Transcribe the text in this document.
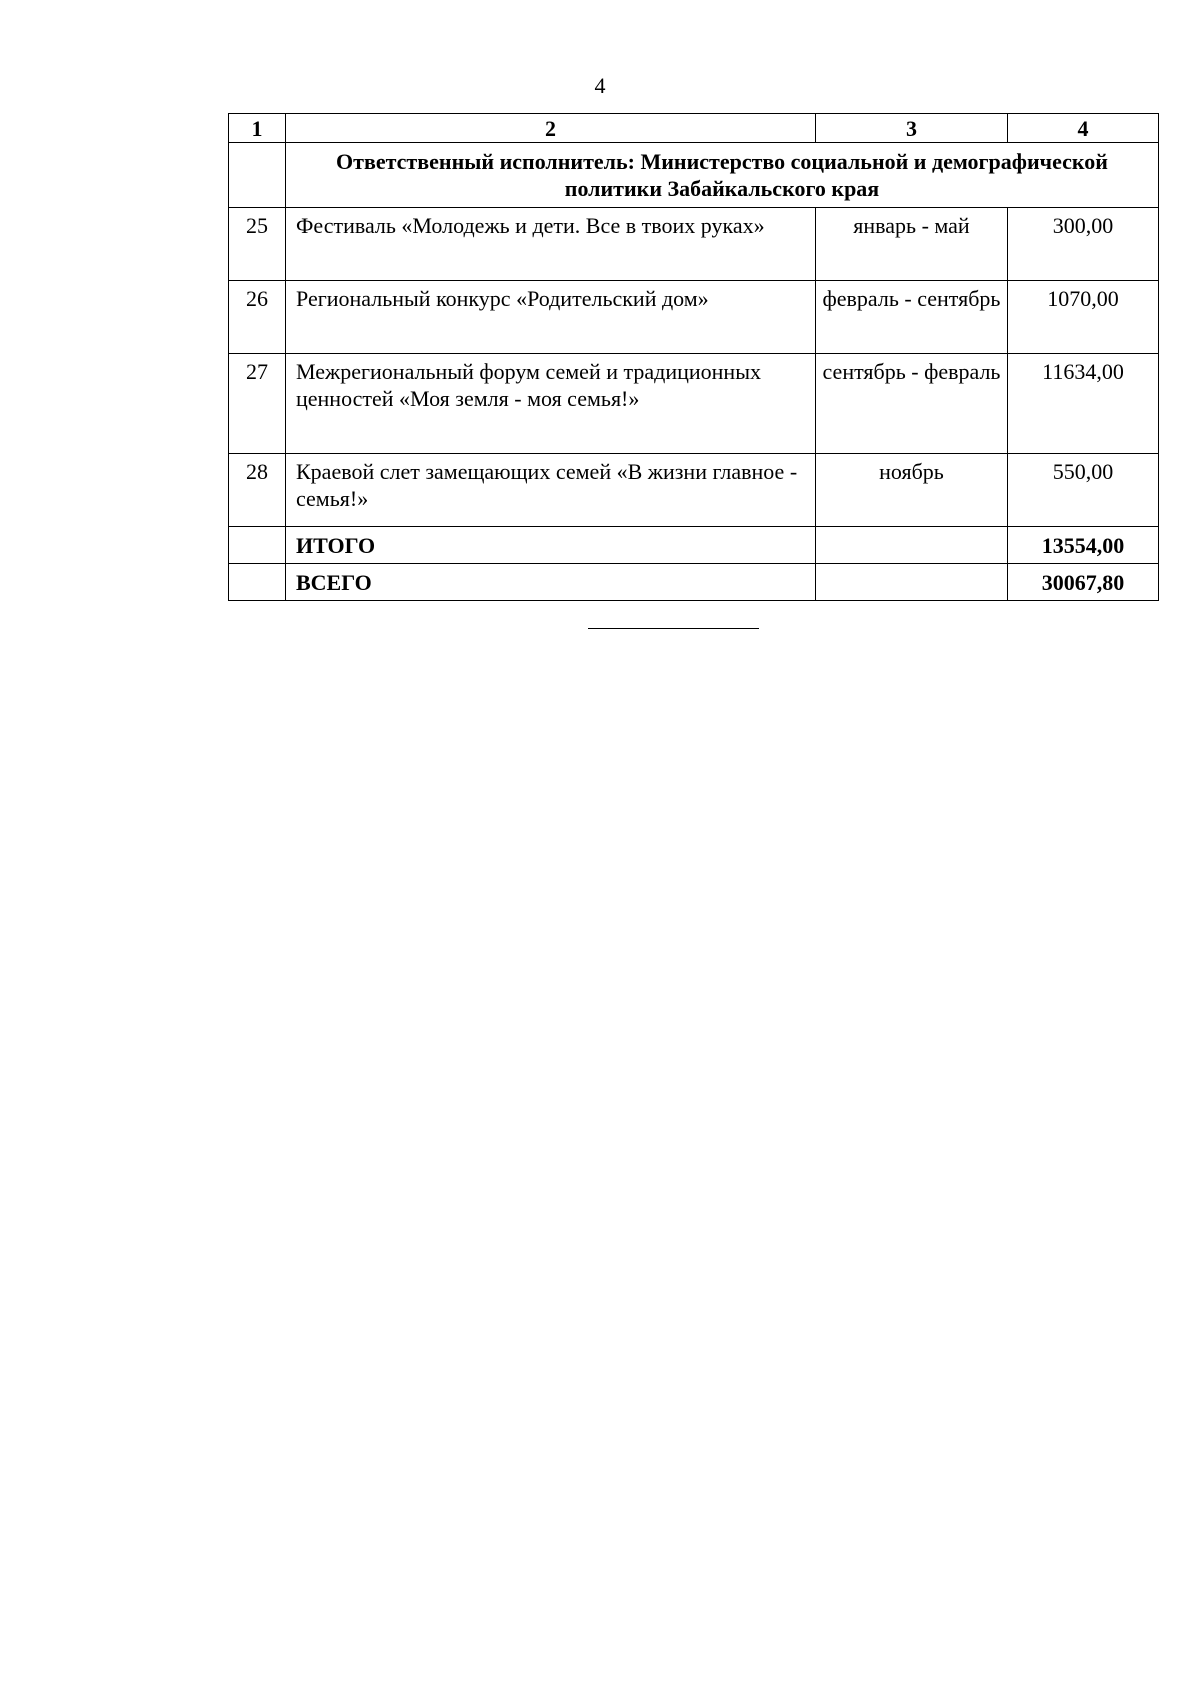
4
1	2	3	4
	Ответственный исполнитель: Министерство социальной и демографической политики Забайкальского края		
25	Фестиваль «Молодежь и дети. Все в твоих руках»	январь - май	300,00
26	Региональный конкурс «Родительский дом»	февраль - сентябрь	1070,00
27	Межрегиональный форум семей и традиционных ценностей «Моя земля - моя семья!»	сентябрь - февраль	11634,00
28	Краевой слет замещающих семей «В жизни главное - семья!»	ноябрь	550,00
	ИТОГО		13554,00
	ВСЕГО		30067,80
